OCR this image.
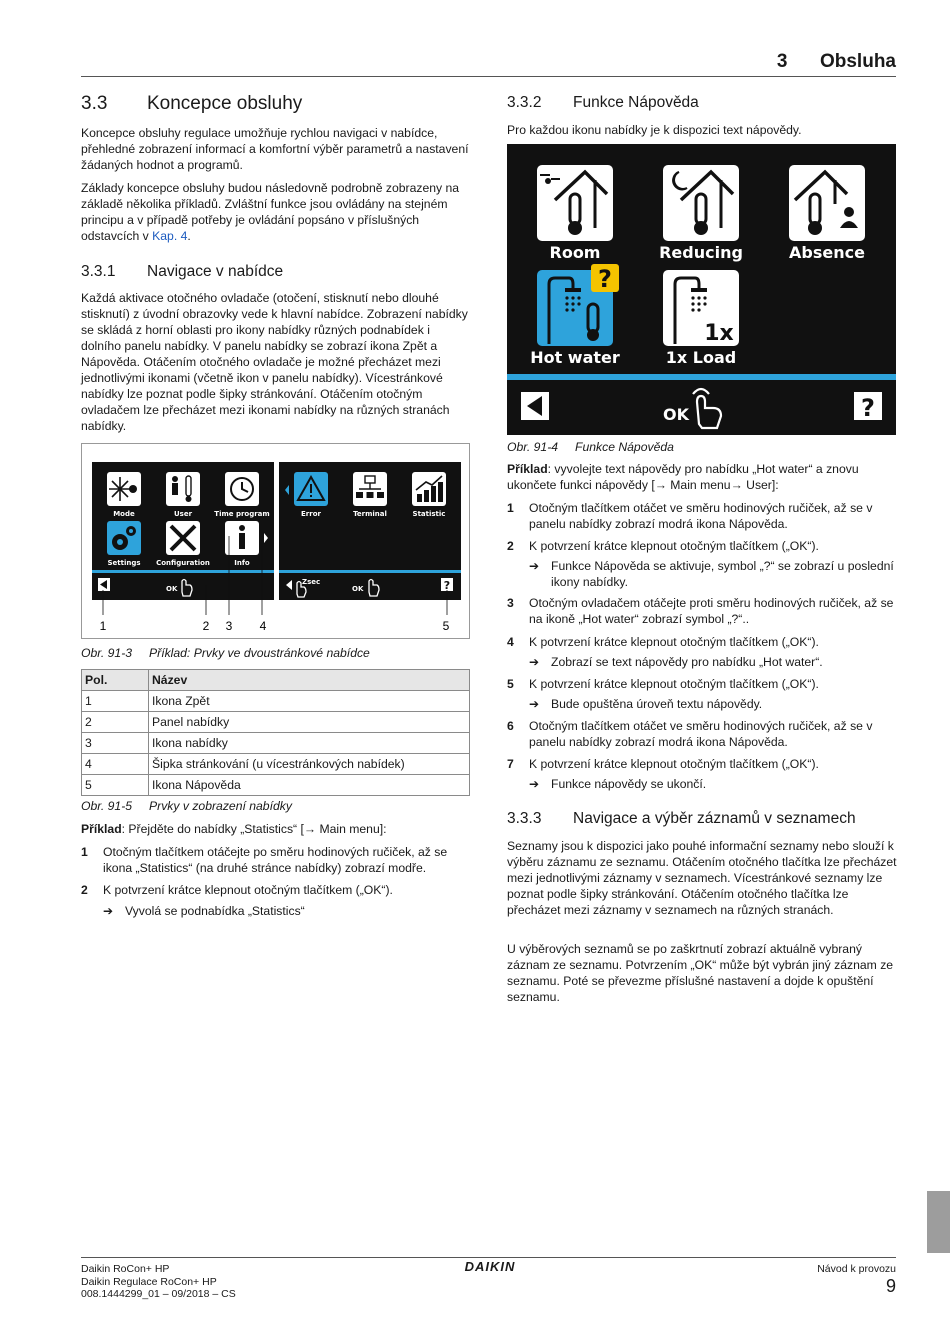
3 Obsluha
3.3 Koncepce obsluhy

Koncepce obsluhy regulace umožňuje rychlou navigaci v nabídce, přehledné zobrazení informací a komfortní výběr parametrů a nastavení žádaných hodnot a programů.

Základy koncepce obsluhy budou následovně podrobně zobrazeny na základě několika příkladů. Zvláštní funkce jsou ovládány na stejném principu a v případě potřeby je ovládání popsáno v příslušných odstavcích v Kap. 4.

3.3.1 Navigace v nabídce

Každá aktivace otočného ovladače (otočení, stisknutí nebo dlouhé stisknutí) z úvodní obrazovky vede k hlavní nabídce. Zobrazení nabídky se skládá z horní oblasti pro ikony nabídky různých podnabídek i dolního panelu nabídky. V panelu nabídky se zobrazí ikona Zpět a Nápověda. Otáčením otočného ovladače je možné přecházet mezi jednotlivými ikonami (včetně ikon v panelu nabídky). Vícestránkové nabídky lze poznat podle šipky stránkování. Otáčením otočným ovladačem lze přecházet mezi ikonami nabídky na různých stranách nabídky.

Mode	User	Time program
Settings Configuration	Info
OK
Error	Terminal	Statistic
Zsec
OK	?
1	2 3 4	5
Obr. 91-3 Příklad: Prvky ve dvoustránkové nabídce
Pol.	Název
1	Ikona Zpět
2	Panel nabídky
3	Ikona nabídky
4	Šipka stránkování (u vícestránkových nabídek)
5	Ikona Nápověda
Obr. 91-5 Prvky v zobrazení nabídky

Příklad: Přejděte do nabídky „Statistics“ [→ Main menu]:

1 Otočným tlačítkem otáčejte po směru hodinových ručiček, až se ikona „Statistics“ (na druhé stránce nabídky) zobrazí modře.
2 K potvrzení krátce klepnout otočným tlačítkem („OK“).
➔ Vyvolá se podnabídka „Statistics“
3.3.2 Funkce Nápověda

Pro každou ikonu nabídky je k dispozici text nápovědy.

Room	Reducing	Absence
?
Hot water
1x
1x Load
OK	?
Obr. 91-4 Funkce Nápověda

Příklad: vyvolejte text nápovědy pro nabídku „Hot water“ a znovu ukončete funkci nápovědy [→ Main menu→ User]:

1 Otočným tlačítkem otáčet ve směru hodinových ručiček, až se v panelu nabídky zobrazí modrá ikona Nápověda.
2 K potvrzení krátce klepnout otočným tlačítkem („OK“).
➔ Funkce Nápověda se aktivuje, symbol „?“ se zobrazí u poslední ikony nabídky.
3 Otočným ovladačem otáčejte proti směru hodinových ručiček, až se na ikoně „Hot water“ zobrazí symbol „?“..
4 K potvrzení krátce klepnout otočným tlačítkem („OK“).
➔ Zobrazí se text nápovědy pro nabídku „Hot water“.
5 K potvrzení krátce klepnout otočným tlačítkem („OK“).
➔ Bude opuštěna úroveň textu nápovědy.
6 Otočným tlačítkem otáčet ve směru hodinových ručiček, až se v panelu nabídky zobrazí modrá ikona Nápověda.
7 K potvrzení krátce klepnout otočným tlačítkem („OK“).
➔ Funkce nápovědy se ukončí.
3.3.3 Navigace a výběr záznamů v seznamech

Seznamy jsou k dispozici jako pouhé informační seznamy nebo slouží k výběru záznamu ze seznamu. Otáčením otočného tlačítka lze přecházet mezi jednotlivými záznamy v seznamech. Vícestránkové seznamy lze poznat podle šipky stránkování. Otáčením otočného tlačítka lze přecházet mezi záznamy v seznamech na různých stranách.

U výběrových seznamů se po zaškrtnutí zobrazí aktuálně vybraný záznam ze seznamu. Potvrzením „OK“ může být vybrán jiný záznam ze seznamu. Poté se převezme příslušné nastavení a dojde k opuštění seznamu.

Daikin RoCon+ HP
Daikin Regulace RoCon+ HP
008.1444299_01 – 09/2018 – CS
DAIKIN	Návod k provozu
9
